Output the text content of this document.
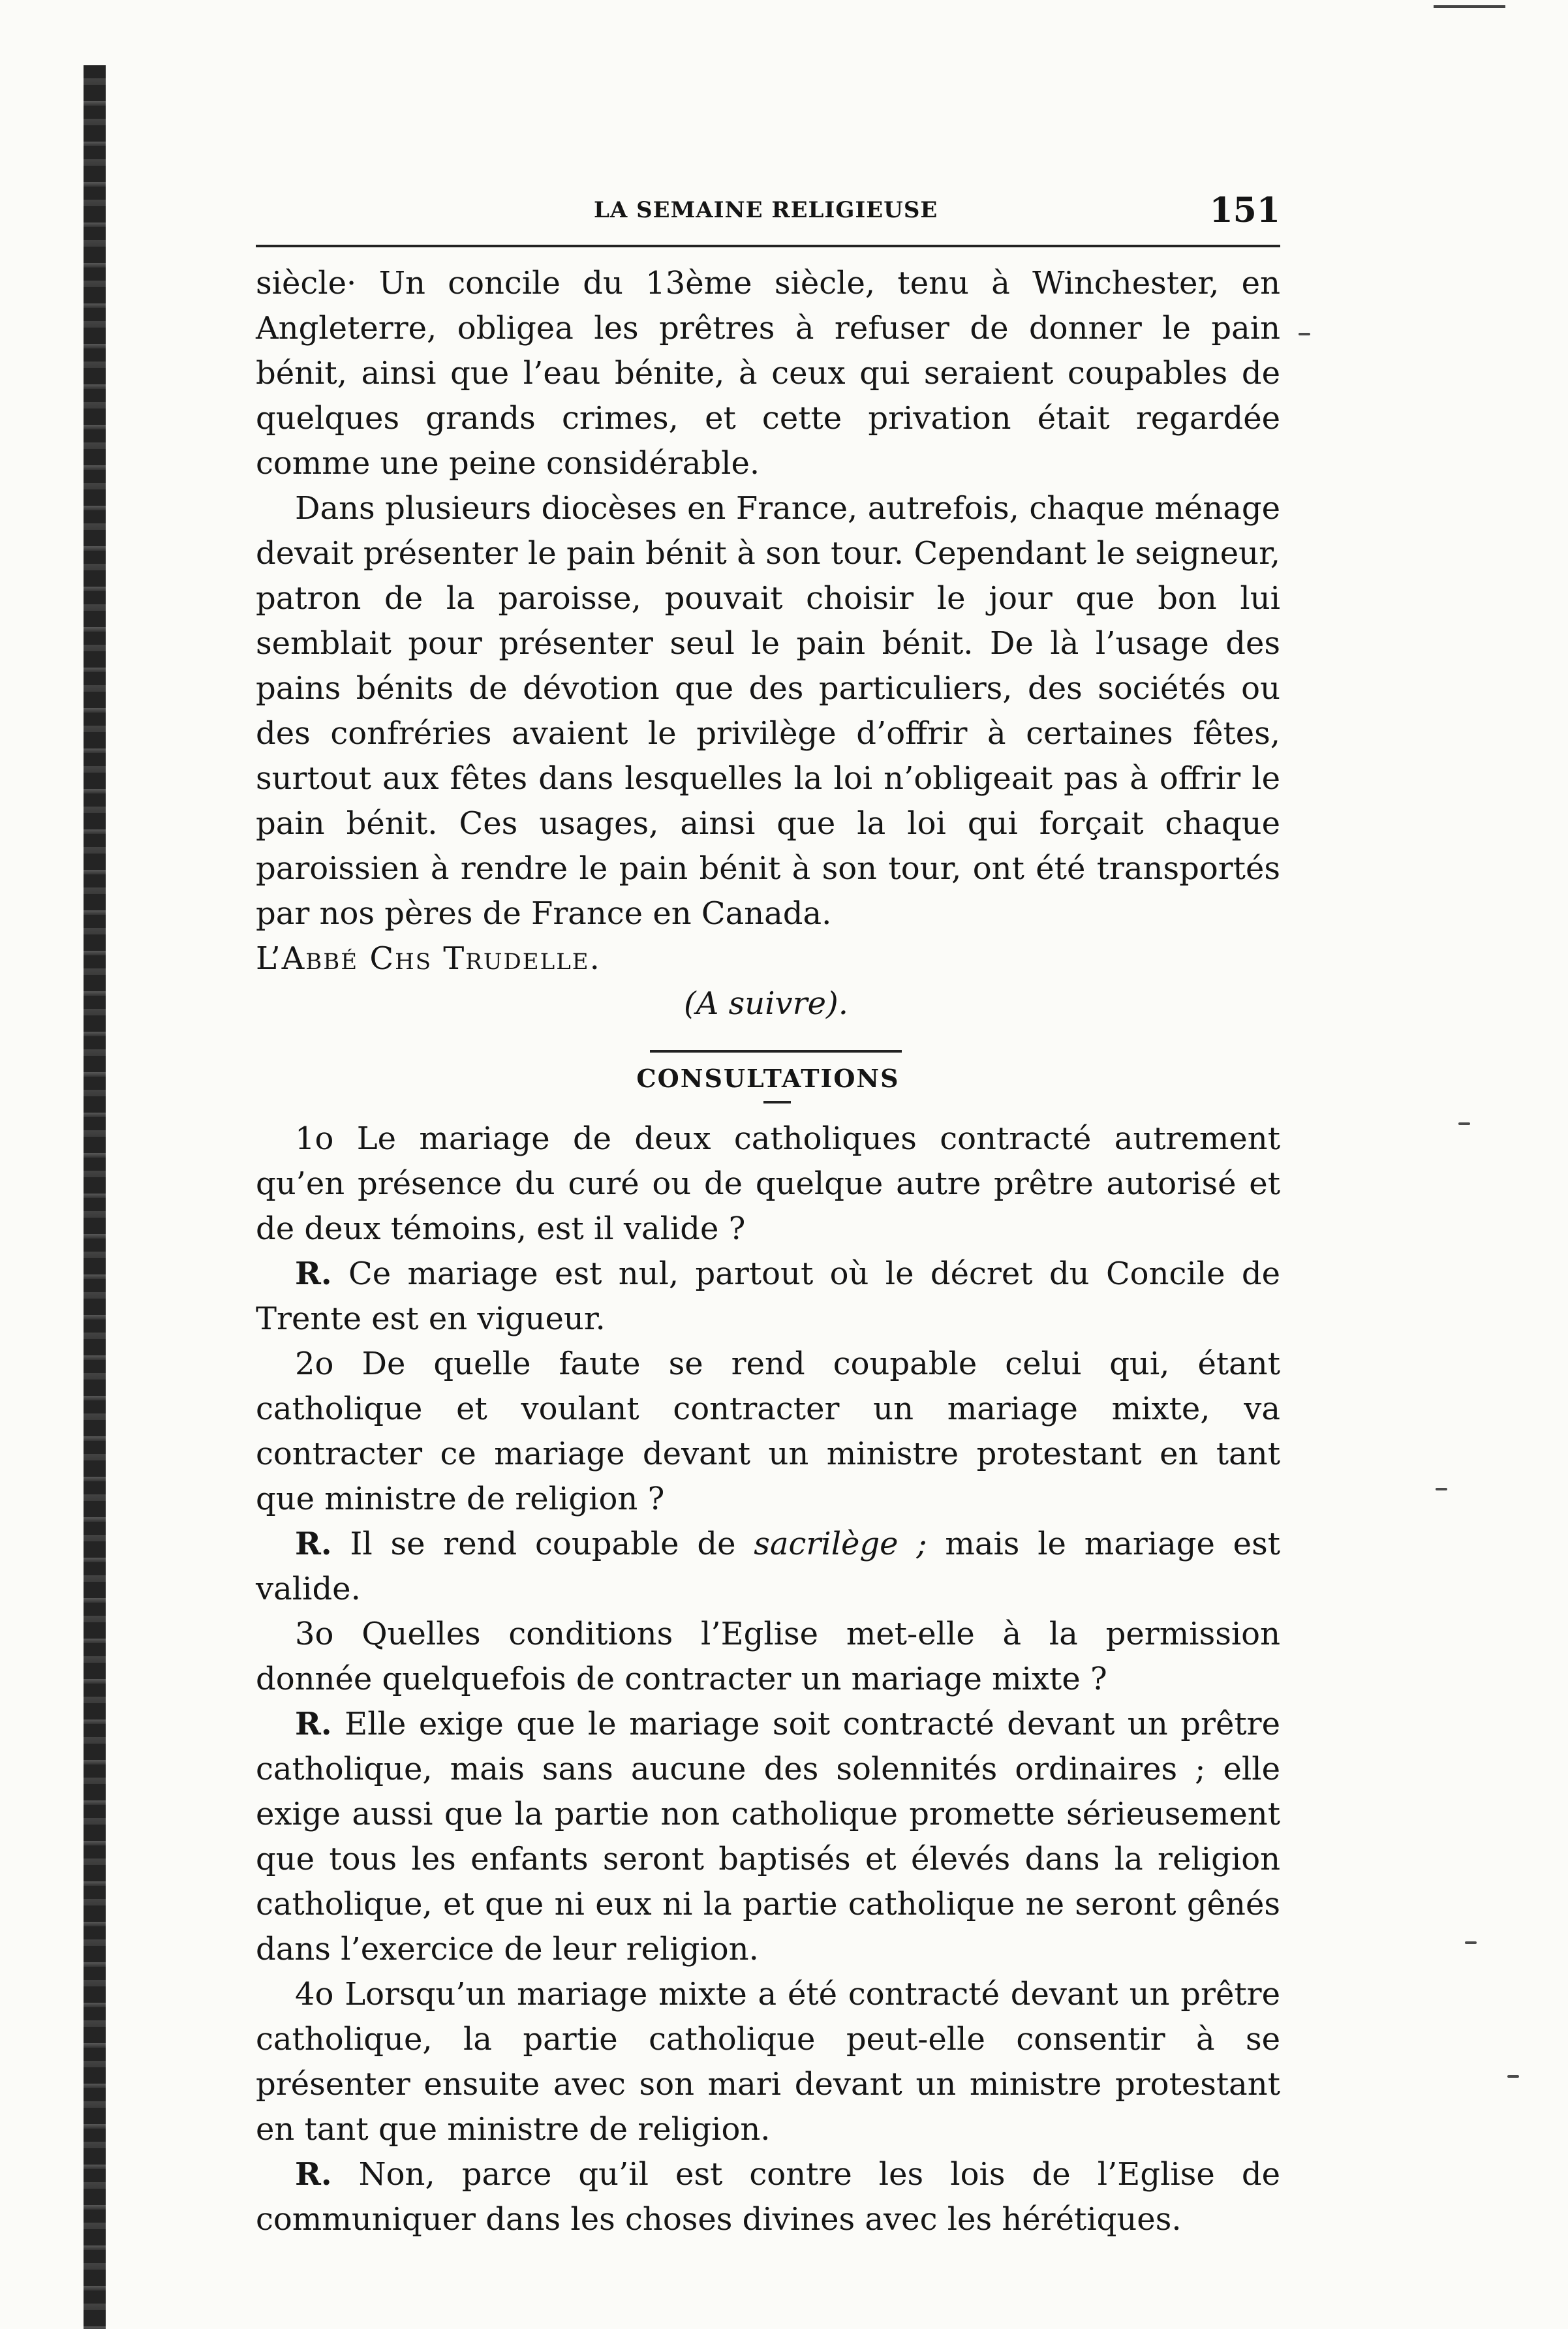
LA SEMAINE RELIGIEUSE	151

siècle· Un concile du 13ème siècle, tenu à Winchester, en Angleterre, obligea les prêtres à refuser de donner le pain bénit, ainsi que l’eau bénite, à ceux qui seraient coupables de quelques grands crimes, et cette privation était regardée comme une peine considérable.

Dans plusieurs diocèses en France, autrefois, chaque ménage devait présenter le pain bénit à son tour. Cependant le seigneur, patron de la paroisse, pouvait choisir le jour que bon lui semblait pour présenter seul le pain bénit. De là l’usage des pains bénits de dévotion que des particuliers, des sociétés ou des confréries avaient le privilège d’offrir à certaines fêtes, surtout aux fêtes dans lesquelles la loi n’obligeait pas à offrir le pain bénit. Ces usages, ainsi que la loi qui forçait chaque paroissien à rendre le pain bénit à son tour, ont été transportés par nos pères de France en Canada.

L’Abbé Chs Trudelle.

(A suivre).

CONSULTATIONS

1o Le mariage de deux catholiques contracté autrement qu’en présence du curé ou de quelque autre prêtre autorisé et de deux témoins, est il valide ?

R. Ce mariage est nul, partout où le décret du Concile de Trente est en vigueur.

2o De quelle faute se rend coupable celui qui, étant catholique et voulant contracter un mariage mixte, va contracter ce mariage devant un ministre protestant en tant que ministre de religion ?

R. Il se rend coupable de sacrilège ; mais le mariage est valide.

3o Quelles conditions l’Eglise met-elle à la permission donnée quelquefois de contracter un mariage mixte ?

R. Elle exige que le mariage soit contracté devant un prêtre catholique, mais sans aucune des solennités ordinaires ; elle exige aussi que la partie non catholique promette sérieusement que tous les enfants seront baptisés et élevés dans la religion catholique, et que ni eux ni la partie catholique ne seront gênés dans l’exercice de leur religion.

4o Lorsqu’un mariage mixte a été contracté devant un prêtre catholique, la partie catholique peut-elle consentir à se présenter ensuite avec son mari devant un ministre protestant en tant que ministre de religion.

R. Non, parce qu’il est contre les lois de l’Eglise de communiquer dans les choses divines avec les hérétiques.
